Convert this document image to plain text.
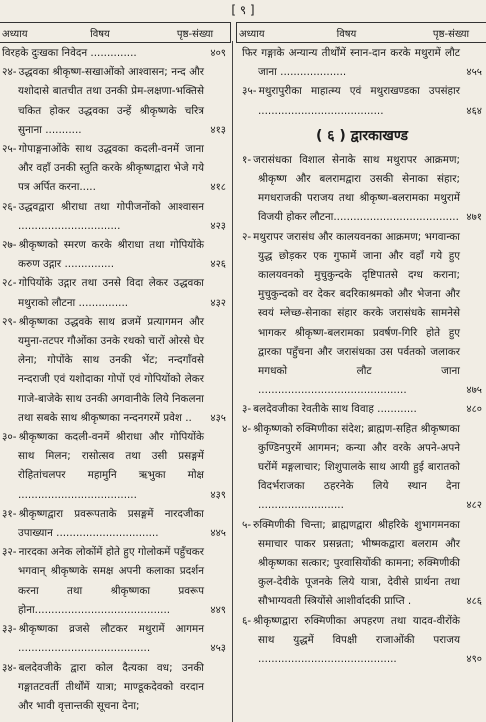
[ ९ ]
अध्याय	विषय	पृष्ठ-संख्या	अध्याय	विषय	पृष्ठ-संख्या
विरहके दुःखका निवेदन ..............	४०९
२४- उद्धवका श्रीकृष्ण-सखाओंको आश्वासन; नन्द और यशोदासे बातचीत तथा उनकी प्रेम-लक्षणा-भक्तिसे चकित होकर उद्धवका उन्हें श्रीकृष्णके चरित्र सुनाना ...........	४१३
२५- गोपाङ्गनाओंके साथ उद्धवका कदली-वनमें जाना और वहाँ उनकी स्तुति करके श्रीकृष्णद्वारा भेजे गये पत्र अर्पित करना.....	४१८
२६- उद्धवद्वारा श्रीराधा तथा गोपीजनोंको आश्वासन ...............................	४२३
२७- श्रीकृष्णको स्मरण करके श्रीराधा तथा गोपियोंके करुण उद्गार ...............	४२६
२८- गोपियोंके उद्गार तथा उनसे विदा लेकर उद्धवका मथुराको लौटना ...............	४३२
२९- श्रीकृष्णका उद्धवके साथ व्रजमें प्रत्यागमन और यमुना-तटपर गौओंका उनके रथको चारों ओरसे घेर लेना; गोपोंके साथ उनकी भेंट; नन्दगाँवसे नन्दराजी एवं यशोदाका गोपों एवं गोपियोंको लेकर गाजे-बाजेके साथ उनकी अगवानीके लिये निकलना तथा सबके साथ श्रीकृष्णका नन्दनगरमें प्रवेश ..	४३५
३०- श्रीकृष्णका कदली-वनमें श्रीराधा और गोपियोंके साथ मिलन; रासोत्सव तथा उसी प्रसङ्गमें रोहितांचलपर महामुनि ऋभुका मोक्ष ....................................	४३९
३१- श्रीकृष्णद्वारा प्रवरूपताके प्रसङ्गमें नारदजीका उपाख्यान ...............................	४४५
३२- नारदका अनेक लोकोंमें होते हुए गोलोकमें पहुँचकर भगवान् श्रीकृष्णके समक्ष अपनी कलाका प्रदर्शन करना तथा श्रीकृष्णका प्रवरूप होना.........................................	४४९
३३- श्रीकृष्णका व्रजसे लौटकर मथुरामें आगमन ........................................	४५३
३४- बलदेवजीके द्वारा कोल दैत्यका वध; उनकी गङ्गातटवर्ती तीर्थोंमें यात्रा; माण्डूकदेवको वरदान और भावी वृत्तान्तकी सूचना देना;
फिर गङ्गाके अन्यान्य तीर्थोंमें स्नान-दान करके मथुरामें लौट जाना ....................	४५५
३५- मथुरापुरीका माहात्म्य एवं मथुराखण्डका उपसंहार ......................................	४६४
( ६ ) द्वारकाखण्ड
१- जरासंधका विशाल सेनाके साथ मथुरापर आक्रमण; श्रीकृष्ण और बलरामद्वारा उसकी सेनाका संहार; मगधराजकी पराजय तथा श्रीकृष्ण-बलरामका मथुरामें विजयी होकर लौटना...................................... ४७१
२- मथुरापर जरासंध और कालयवनका आक्रमण; भगवान्का युद्ध छोड़कर एक गुफामें जाना और वहाँ गये हुए कालयवनको मुचुकुन्दके दृष्टिपातसे दग्ध कराना; मुचुकुन्दको वर देकर बदरिकाश्रमको और भेजना और स्वयं म्लेच्छ-सेनाका संहार करके जरासंधके सामनेसे भागकर श्रीकृष्ण-बलरामका प्रवर्षण-गिरि होते हुए द्वारका पहुँचना और जरासंधका उस पर्वतको जलाकर मगधको लौट जाना .............................................	४७५
३- बलदेवजीका रेवतीके साथ विवाह ............	४८०
४- श्रीकृष्णको रुक्मिणीका संदेश; ब्राह्मण-सहित श्रीकृष्णका कुण्डिनपुरमें आगमन; कन्या और वरके अपने-अपने घरोंमें मङ्गलाचार; शिशुपालके साथ आयी हुई बारातको विदर्भराजका ठहरनेके लिये स्थान देना ..........................	४८२
५- रुक्मिणीकी चिन्ता; ब्राह्मणद्वारा श्रीहरिके शुभागमनका समाचार पाकर प्रसन्नता; भीष्मकद्वारा बलराम और श्रीकृष्णका सत्कार; पुरवासियोंकी कामना; रुक्मिणीकी कुल-देवीके पूजनके लिये यात्रा, देवीसे प्रार्थना तथा सौभाग्यवती स्त्रियोंसे आशीर्वादकी प्राप्ति .	४८६
६- श्रीकृष्णद्वारा रुक्मिणीका अपहरण तथा यादव-वीरोंके साथ युद्धमें विपक्षी राजाओंकी पराजय ..........................................	४९०
